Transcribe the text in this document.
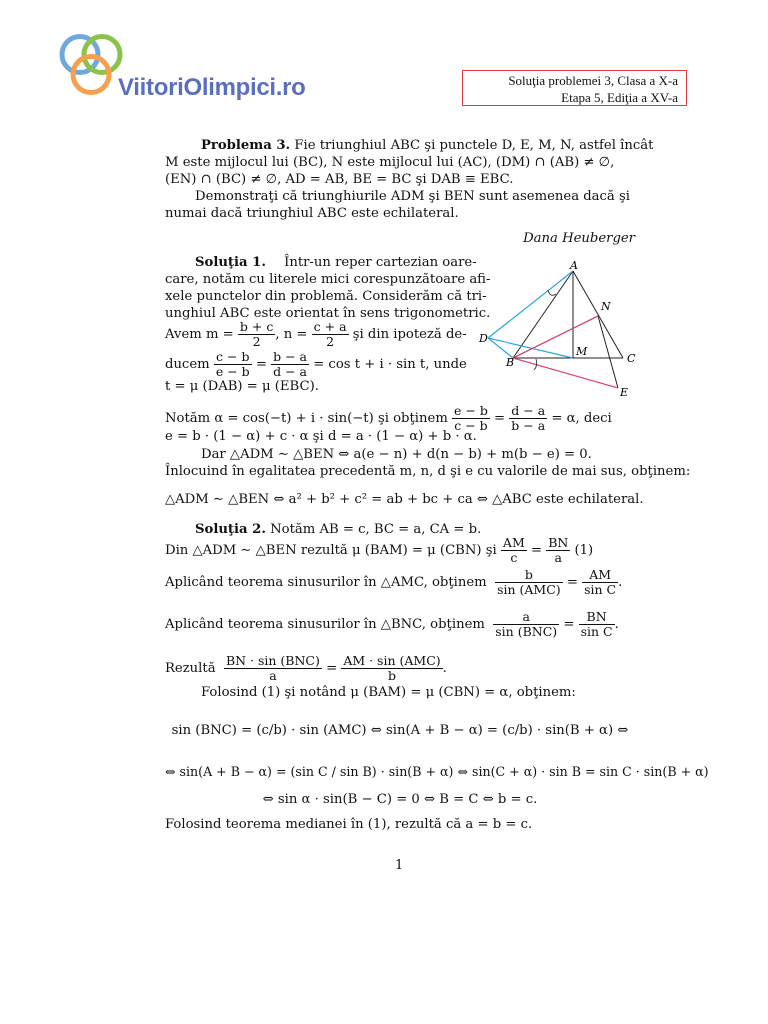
ViitoriOlimpici.ro	Soluţia problemei 3, Clasa a X-a
Etapa 5, Ediţia a XV-a
Problema 3. Fie triunghiul ABC şi punctele D, E, M, N, astfel încât
M este mijlocul lui (BC), N este mijlocul lui (AC), (DM) ∩ (AB) ≠ ∅,
(EN) ∩ (BC) ≠ ∅, AD = AB, BE = BC şi DAB ≡ EBC.
Demonstraţi că triunghiurile ADM şi BEN sunt asemenea dacă şi
numai dacă triunghiul ABC este echilateral.
Dana Heuberger
Soluţia 1. Într-un reper cartezian oare-
care, notăm cu literele mici corespunzătoare afi-
xele punctelor din problemă. Considerăm că tri-
unghiul ABC este orientat în sens trigonometric.
Avem $m = \frac{b + c}{2}$ , $n = \frac{c + a}{2}$ şi din ipoteză de-
ducem $\frac{c - b}{e - b} = \frac{b - a}{d - a} = \cos t + i \cdot \sin t$, unde
t = μ (DAB) = μ (EBC).
A
N
D
M
C
B
E
Notăm α = cos(−t) + i · sin(−t) şi obţinem $\frac{e - b}{c - b} = \frac{d - a}{b - a} = \alpha$, deci
e = b · (1 − α) + c · α şi d = a · (1 − α) + b · α.
Dar △ADM ∼ △BEN ⇔ a(e − n) + d(n − b) + m(b − e) = 0.
Înlocuind în egalitatea precedentă m, n, d şi e cu valorile de mai sus, obţinem:
△ADM ∼ △BEN ⇔ a² + b² + c² = ab + bc + ca ⇔ △ABC este echilateral.
Soluţia 2. Notăm AB = c, BC = a, CA = b.
Din △ADM ∼ △BEN rezultă μ (BAM) = μ (CBN) şi $\frac{AM}{c} = \frac{BN}{a} (1)$
Aplicând teorema sinusurilor în △AMC, obţinem $\frac{b}{\text{sin (AMC)}} = \frac{AM}{\text{sin C}}$ .
Aplicând teorema sinusurilor în △BNC, obţinem $\frac{a}{\text{sin (BNC)}} = \frac{BN}{\text{sin C}}$ .
Rezultă $\frac{\text{BN · sin (BNC)}}{a} = \frac{\text{AM · sin (AMC)}}{b}$ .
Folosind (1) şi notând μ (BAM) = μ (CBN) = α, obţinem:
sin (BNC) = (c/b) · sin (AMC) ⇔ sin(A + B − α) = (c/b) · sin(B + α) ⇔
⇔ sin(A + B − α) = (sin C / sin B) · sin(B + α) ⇔ sin(C + α) · sin B = sin C · sin(B + α)
⇔ sin α · sin(B − C) = 0 ⇔ B = C ⇔ b = c.
Folosind teorema medianei în (1), rezultă că a = b = c.
1
